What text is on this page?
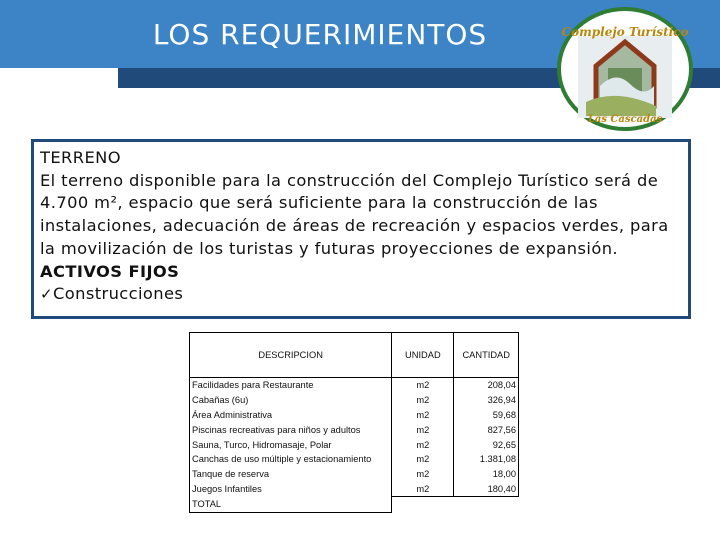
LOS REQUERIMIENTOS	Complejo Turístico
Las Cascadas
TERRENO
El terreno disponible para la construcción del Complejo Turístico será de 4.700 m², espacio que será suficiente para la construcción de las instalaciones, adecuación de áreas de recreación y espacios verdes, para la movilización de los turistas y futuras proyecciones de expansión.
ACTIVOS FIJOS
✓Construcciones
DESCRIPCION	UNIDAD	CANTIDAD
Facilidades para Restaurante	m2	208,04
Cabañas (6u)	m2	326,94
Área Administrativa	m2	59,68
Piscinas recreativas para niños y adultos	m2	827,56
Sauna, Turco, Hidromasaje, Polar	m2	92,65
Canchas de uso múltiple y estacionamiento	m2	1.381,08
Tanque de reserva	m2	18,00
Juegos Infantiles	m2	180,40
TOTAL		
